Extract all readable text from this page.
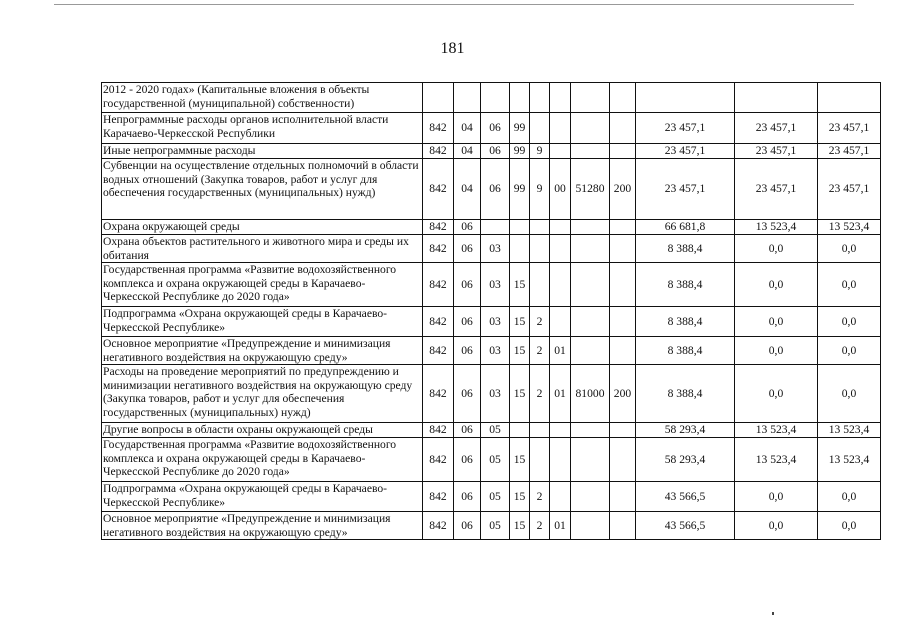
181
2012 - 2020 годах» (Капитальные вложения в объекты государственной (муниципальной) собственности)											
Непрограммные расходы органов исполнительной власти Карачаево-Черкесской Республики	842	04	06	99					23 457,1	23 457,1	23 457,1
Иные непрограммные расходы	842	04	06	99	9				23 457,1	23 457,1	23 457,1
Субвенции на осуществление отдельных полномочий в области водных отношений (Закупка товаров, работ и услуг для обеспечения государственных (муниципальных) нужд)	842	04	06	99	9	00	51280	200	23 457,1	23 457,1	23 457,1
Охрана окружающей среды	842	06							66 681,8	13 523,4	13 523,4
Охрана объектов растительного и животного мира и среды их обитания	842	06	03						8 388,4	0,0	0,0
Государственная программа «Развитие водохозяйственного комплекса и охрана окружающей среды в Карачаево-Черкесской Республике до 2020 года»	842	06	03	15					8 388,4	0,0	0,0
Подпрограмма «Охрана окружающей среды в Карачаево-Черкесской Республике»	842	06	03	15	2				8 388,4	0,0	0,0
Основное мероприятие «Предупреждение и минимизация негативного воздействия на окружающую среду»	842	06	03	15	2	01			8 388,4	0,0	0,0
Расходы на проведение мероприятий по предупреждению и минимизации негативного воздействия на окружающую среду (Закупка товаров, работ и услуг для обеспечения государственных (муниципальных) нужд)	842	06	03	15	2	01	81000	200	8 388,4	0,0	0,0
Другие вопросы в области охраны окружающей среды	842	06	05						58 293,4	13 523,4	13 523,4
Государственная программа «Развитие водохозяйственного комплекса и охрана окружающей среды в Карачаево-Черкесской Республике до 2020 года»	842	06	05	15					58 293,4	13 523,4	13 523,4
Подпрограмма «Охрана окружающей среды в Карачаево-Черкесской Республике»	842	06	05	15	2				43 566,5	0,0	0,0
Основное мероприятие «Предупреждение и минимизация негативного воздействия на окружающую среду»	842	06	05	15	2	01			43 566,5	0,0	0,0
